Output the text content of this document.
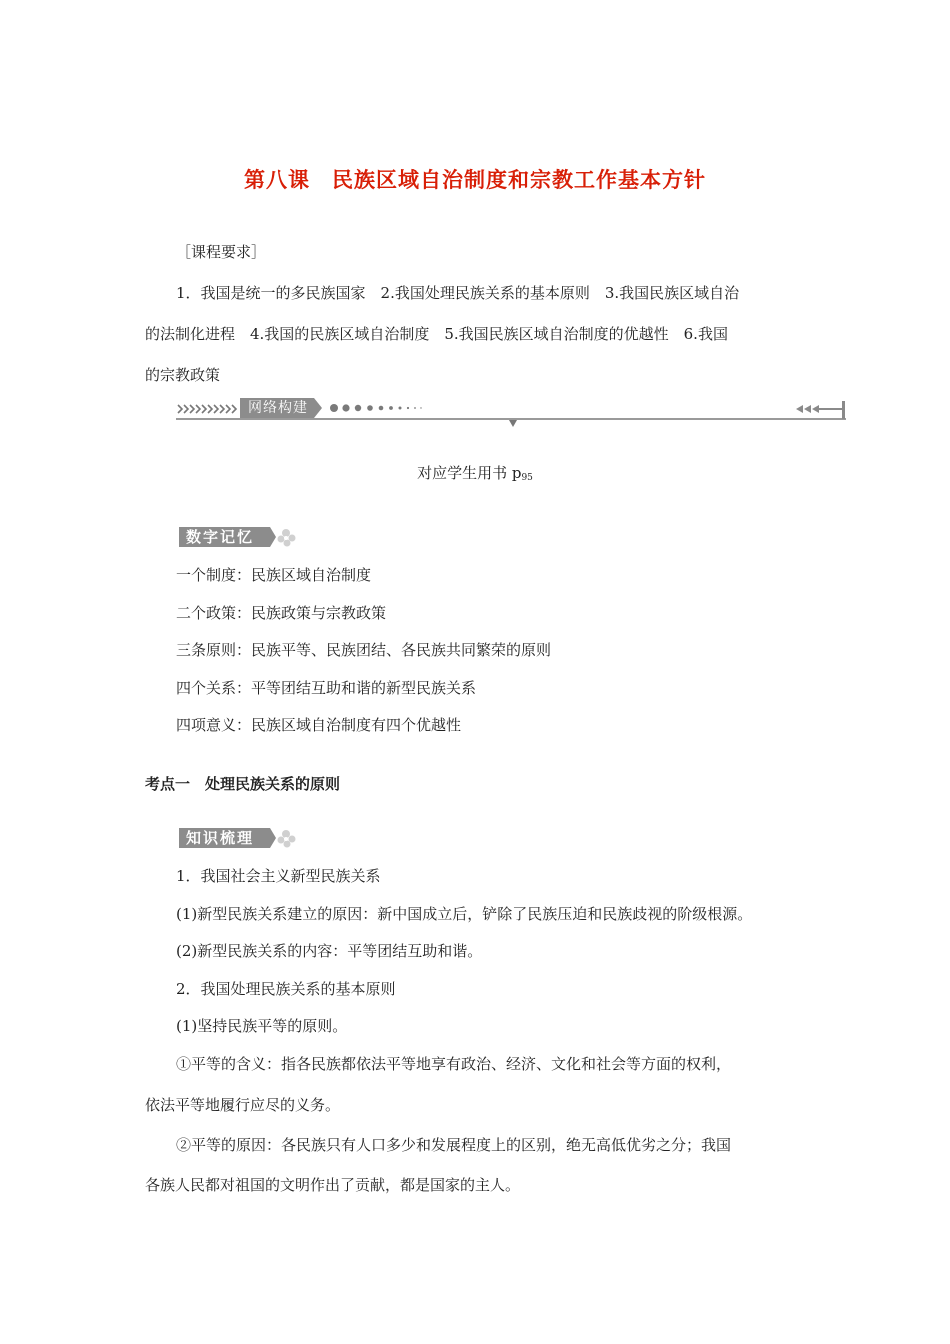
第八课　民族区域自治制度和宗教工作基本方针
［课程要求］
1．我国是统一的多民族国家　2.我国处理民族关系的基本原则　3.我国民族区域自治
的法制化进程　4.我国的民族区域自治制度　5.我国民族区域自治制度的优越性　6.我国
的宗教政策
网络构建
对应学生用书 $p_{95}$
数字记忆
一个制度：民族区域自治制度
二个政策：民族政策与宗教政策
三条原则：民族平等、民族团结、各民族共同繁荣的原则
四个关系：平等团结互助和谐的新型民族关系
四项意义：民族区域自治制度有四个优越性
考点一　处理民族关系的原则
知识梳理
1．我国社会主义新型民族关系
(1)新型民族关系建立的原因：新中国成立后，铲除了民族压迫和民族歧视的阶级根源。
(2)新型民族关系的内容：平等团结互助和谐。
2．我国处理民族关系的基本原则
(1)坚持民族平等的原则。
①平等的含义：指各民族都依法平等地享有政治、经济、文化和社会等方面的权利，
依法平等地履行应尽的义务。
②平等的原因：各民族只有人口多少和发展程度上的区别，绝无高低优劣之分；我国
各族人民都对祖国的文明作出了贡献，都是国家的主人。
